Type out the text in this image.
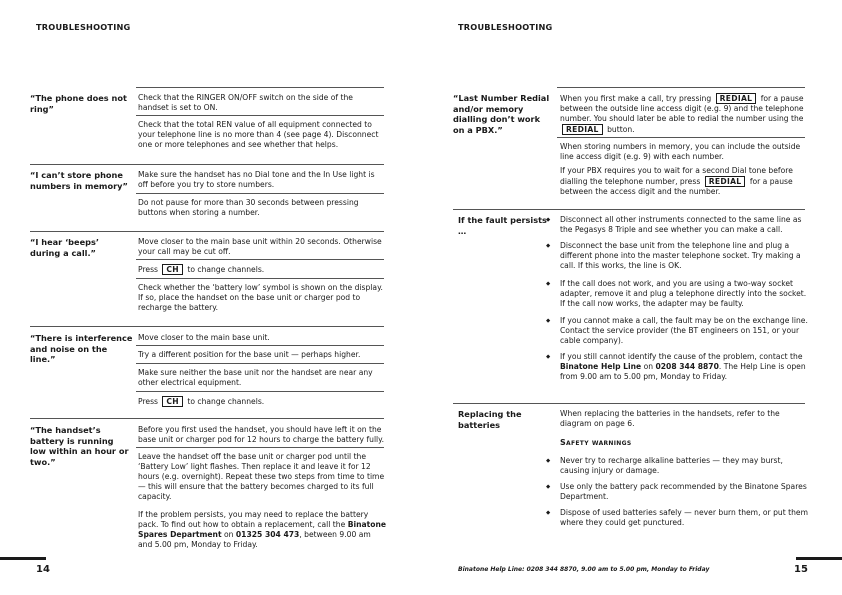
TROUBLESHOOTING
“The phone does not ring”
Check that the RINGER ON/OFF switch on the side of the handset is set to ON.
Check that the total REN value of all equipment connected to your telephone line is no more than 4 (see page 4). Disconnect one or more telephones and see whether that helps.
“I can’t store phone numbers in memory”
Make sure the handset has no Dial tone and the In Use light is off before you try to store numbers.
Do not pause for more than 30 seconds between pressing buttons when storing a number.
“I hear ‘beeps’ during a call.”
Move closer to the main base unit within 20 seconds. Otherwise your call may be cut off.
Press CH to change channels.
Check whether the ‘battery low’ symbol is shown on the display. If so, place the handset on the base unit or charger pod to recharge the battery.
“There is interference and noise on the line.”
Move closer to the main base unit.
Try a different position for the base unit — perhaps higher.
Make sure neither the base unit nor the handset are near any other electrical equipment.
Press CH to change channels.
“The handset’s battery is running low within an hour or two.”
Before you first used the handset, you should have left it on the base unit or charger pod for 12 hours to charge the battery fully.
Leave the handset off the base unit or charger pod until the ‘Battery Low’ light flashes. Then replace it and leave it for 12 hours (e.g. overnight). Repeat these two steps from time to time — this will ensure that the battery becomes charged to its full capacity.
If the problem persists, you may need to replace the battery pack. To find out how to obtain a replacement, call the Binatone Spares Department on 01325 304 473, between 9.00 am and 5.00 pm, Monday to Friday.
14
TROUBLESHOOTING
“Last Number Redial and/or memory dialling don’t work on a PBX.”
When you first make a call, try pressing REDIAL for a pause between the outside line access digit (e.g. 9) and the telephone number. You should later be able to redial the number using the REDIAL button.
When storing numbers in memory, you can include the outside line access digit (e.g. 9) with each number.
If your PBX requires you to wait for a second Dial tone before dialling the telephone number, press REDIAL for a pause between the access digit and the number.
If the fault persists …
◆ Disconnect all other instruments connected to the same line as the Pegasys 8 Triple and see whether you can make a call.
◆ Disconnect the base unit from the telephone line and plug a different phone into the master telephone socket. Try making a call. If this works, the line is OK.
◆ If the call does not work, and you are using a two-way socket adapter, remove it and plug a telephone directly into the socket. If the call now works, the adapter may be faulty.
◆ If you cannot make a call, the fault may be on the exchange line. Contact the service provider (the BT engineers on 151, or your cable company).
◆ If you still cannot identify the cause of the problem, contact the Binatone Help Line on 0208 344 8870. The Help Line is open from 9.00 am to 5.00 pm, Monday to Friday.
Replacing the batteries
When replacing the batteries in the handsets, refer to the diagram on page 6.
Safety warnings
◆ Never try to recharge alkaline batteries — they may burst, causing injury or damage.
◆ Use only the battery pack recommended by the Binatone Spares Department.
◆ Dispose of used batteries safely — never burn them, or put them where they could get punctured.
Binatone Help Line: 0208 344 8870, 9.00 am to 5.00 pm, Monday to Friday	15
